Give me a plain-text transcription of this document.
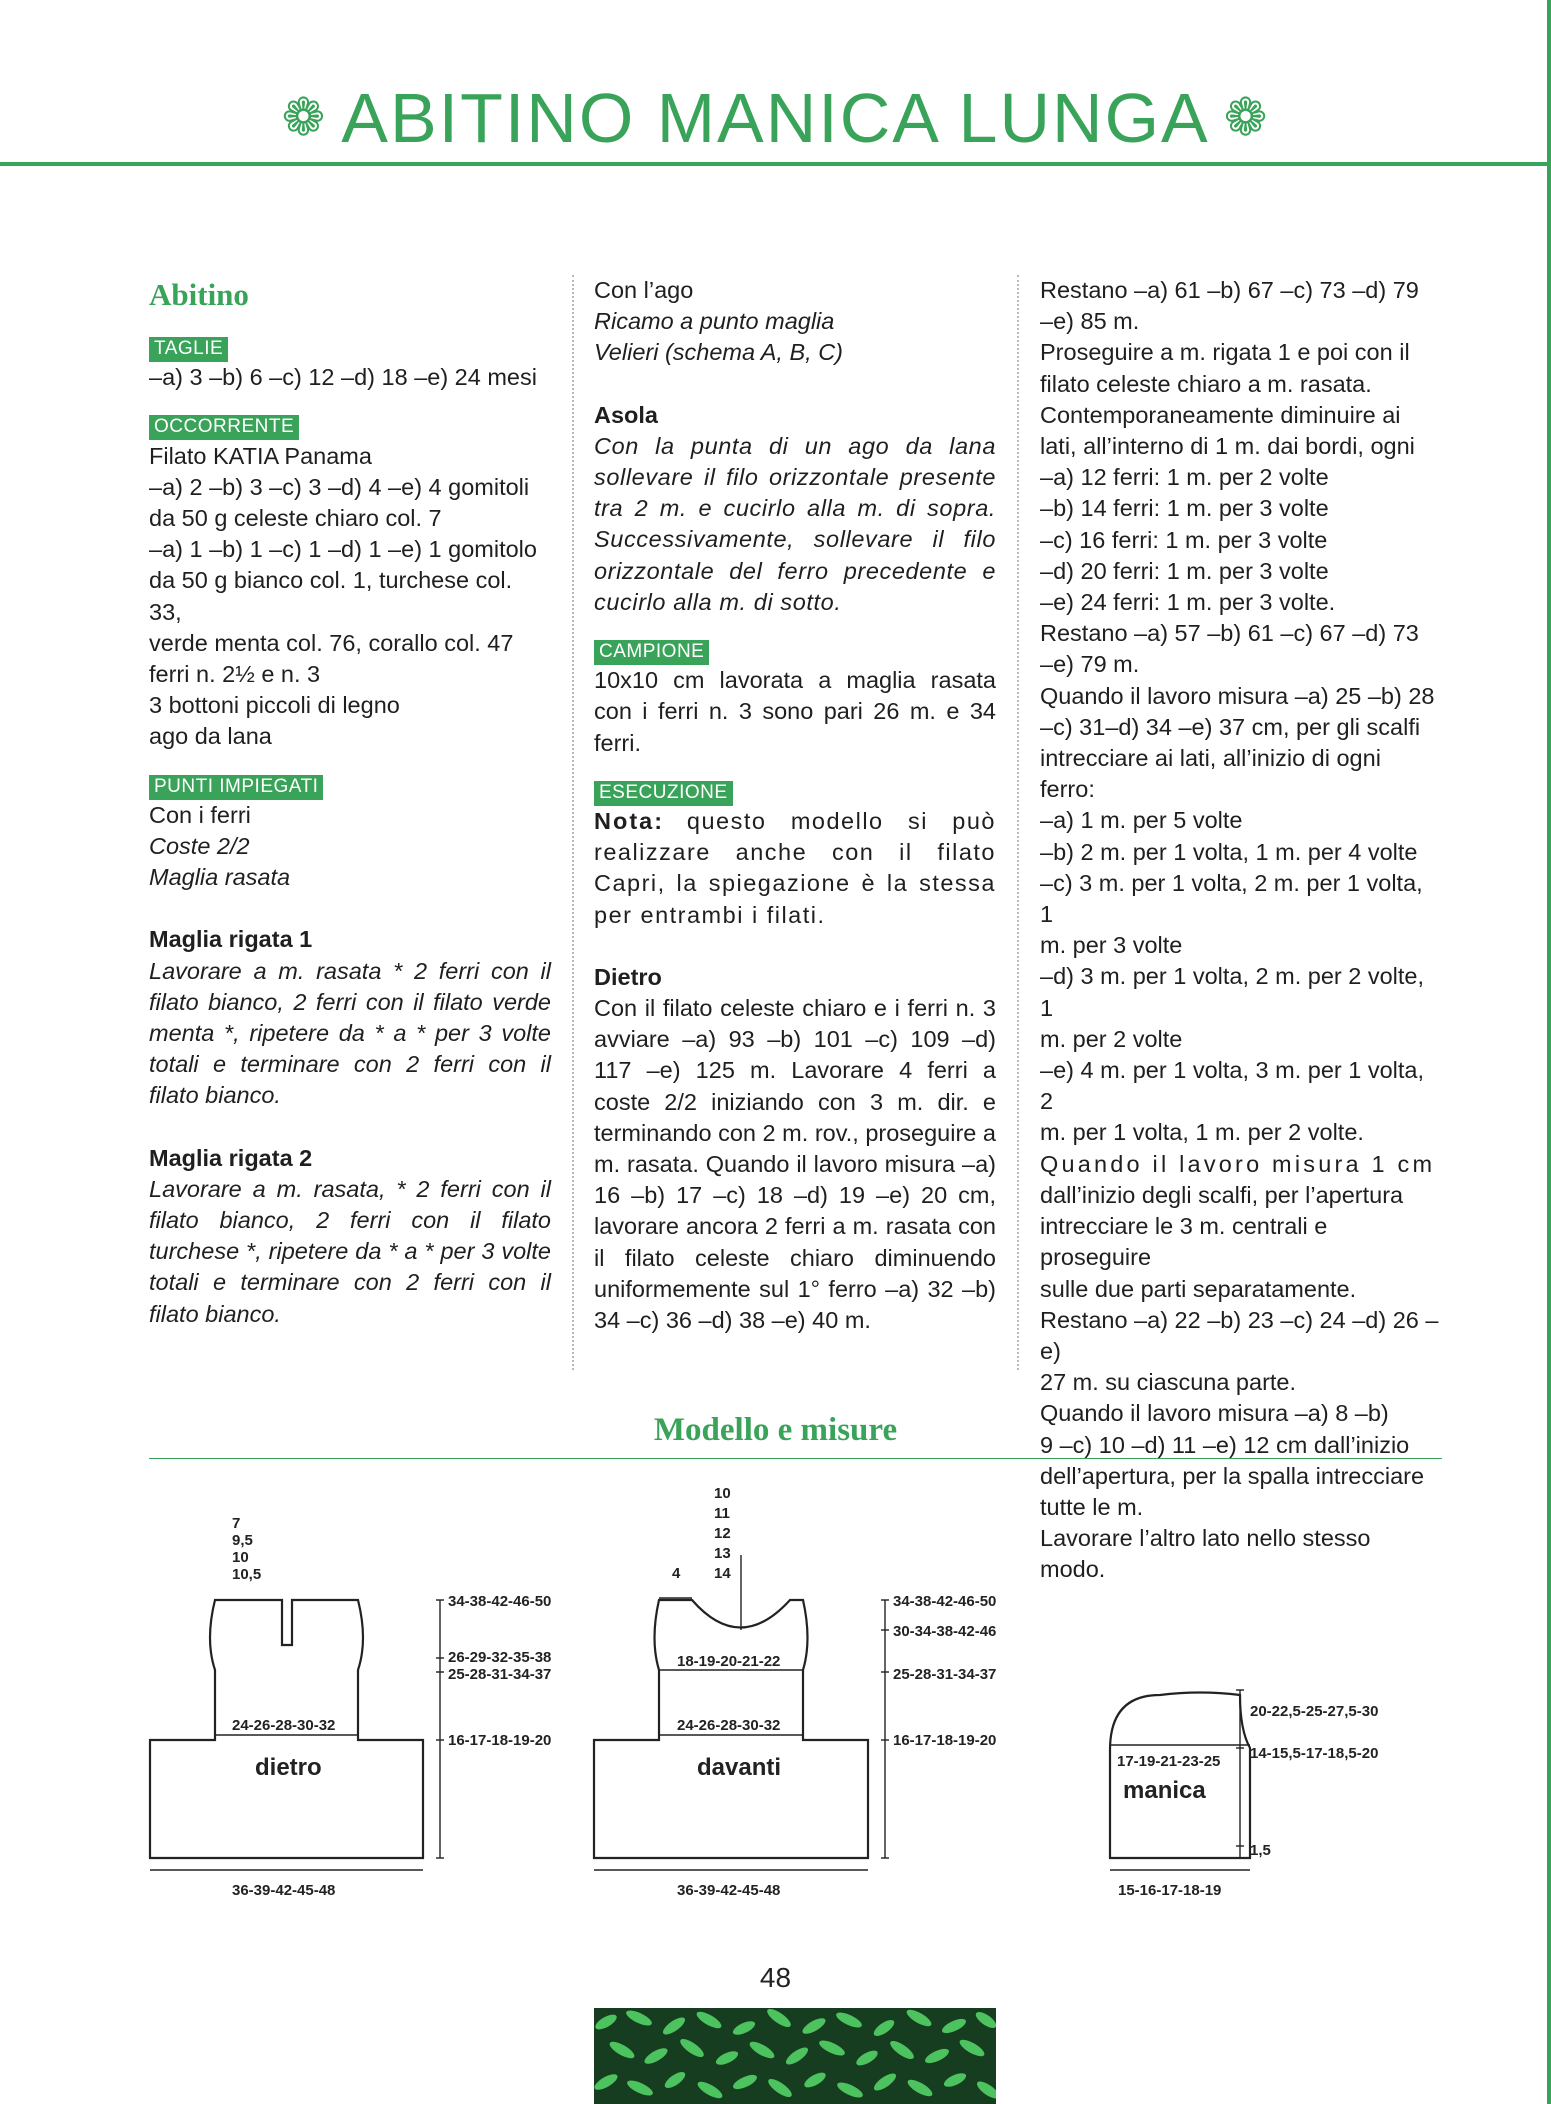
❁ ABITINO MANICA LUNGA ❁
Abitino
TAGLIE

–a) 3 –b) 6 –c) 12 –d) 18 –e) 24 mesi

OCCORRENTE

Filato KATIA Panama

–a) 2 –b) 3 –c) 3 –d) 4 –e) 4 gomitoli

da 50 g celeste chiaro col. 7

–a) 1 –b) 1 –c) 1 –d) 1 –e) 1 gomitolo

da 50 g bianco col. 1, turchese col. 33,

verde menta col. 76, corallo col. 47

ferri n. 2½ e n. 3

3 bottoni piccoli di legno

ago da lana

PUNTI IMPIEGATI

Con i ferri

Coste 2/2

Maglia rasata

Maglia rigata 1

Lavorare a m. rasata * 2 ferri con il filato bianco, 2 ferri con il filato verde menta *, ripetere da * a * per 3 volte totali e terminare con 2 ferri con il filato bianco.

Maglia rigata 2

Lavorare a m. rasata, * 2 ferri con il filato bianco, 2 ferri con il filato turchese *, ripetere da * a * per 3 volte totali e terminare con 2 ferri con il filato bianco.

Con l’ago

Ricamo a punto maglia

Velieri (schema A, B, C)

Asola

Con la punta di un ago da lana sollevare il filo orizzontale presente tra 2 m. e cucirlo alla m. di sopra. Successivamente, sollevare il filo orizzontale del ferro precedente e cucirlo alla m. di sotto.

CAMPIONE

10x10 cm lavorata a maglia rasata con i ferri n. 3 sono pari 26 m. e 34 ferri.

ESECUZIONE

Nota: questo modello si può realizzare anche con il filato Capri, la spiegazione è la stessa per entrambi i filati.

Dietro

Con il filato celeste chiaro e i ferri n. 3 avviare –a) 93 –b) 101 –c) 109 –d) 117 –e) 125 m. Lavorare 4 ferri a coste 2/2 iniziando con 3 m. dir. e terminando con 2 m. rov., proseguire a m. rasata. Quando il lavoro misura –a) 16 –b) 17 –c) 18 –d) 19 –e) 20 cm, lavorare ancora 2 ferri a m. rasata con il filato celeste chiaro diminuendo uniformemente sul 1° ferro –a) 32 –b) 34 –c) 36 –d) 38 –e) 40 m.

Restano –a) 61 –b) 67 –c) 73 –d) 79

–e) 85 m.

Proseguire a m. rigata 1 e poi con il

filato celeste chiaro a m. rasata.

Contemporaneamente diminuire ai

lati, all’interno di 1 m. dai bordi, ogni

–a) 12 ferri: 1 m. per 2 volte

–b) 14 ferri: 1 m. per 3 volte

–c) 16 ferri: 1 m. per 3 volte

–d) 20 ferri: 1 m. per 3 volte

–e) 24 ferri: 1 m. per 3 volte.

Restano –a) 57 –b) 61 –c) 67 –d) 73

–e) 79 m.

Quando il lavoro misura –a) 25 –b) 28

–c) 31–d) 34 –e) 37 cm, per gli scalfi

intrecciare ai lati, all’inizio di ogni ferro:

–a) 1 m. per 5 volte

–b) 2 m. per 1 volta, 1 m. per 4 volte

–c) 3 m. per 1 volta, 2 m. per 1 volta, 1

m. per 3 volte

–d) 3 m. per 1 volta, 2 m. per 2 volte, 1

m. per 2 volte

–e) 4 m. per 1 volta, 3 m. per 1 volta, 2

m. per 1 volta, 1 m. per 2 volte.

Quando il lavoro misura 1 cm

dall’inizio degli scalfi, per l’apertura

intrecciare le 3 m. centrali e proseguire

sulle due parti separatamente.

Restano –a) 22 –b) 23 –c) 24 –d) 26 –e)

27 m. su ciascuna parte.

Quando il lavoro misura –a) 8 –b)

9 –c) 10 –d) 11 –e) 12 cm dall’inizio

dell’apertura, per la spalla intrecciare

tutte le m.

Lavorare l’altro lato nello stesso modo.

Modello e misure
7
9,5
10
10,5
24-26-28-30-32
dietro
36-39-42-45-48
34-38-42-46-50
26-29-32-35-38
25-28-31-34-37
16-17-18-19-20
10
11
12
13
14
4
18-19-20-21-22
24-26-28-30-32
davanti
36-39-42-45-48
34-38-42-46-50
30-34-38-42-46
25-28-31-34-37
16-17-18-19-20
17-19-21-23-25
manica
15-16-17-18-19
20-22,5-25-27,5-30
14-15,5-17-18,5-20
1,5
48
